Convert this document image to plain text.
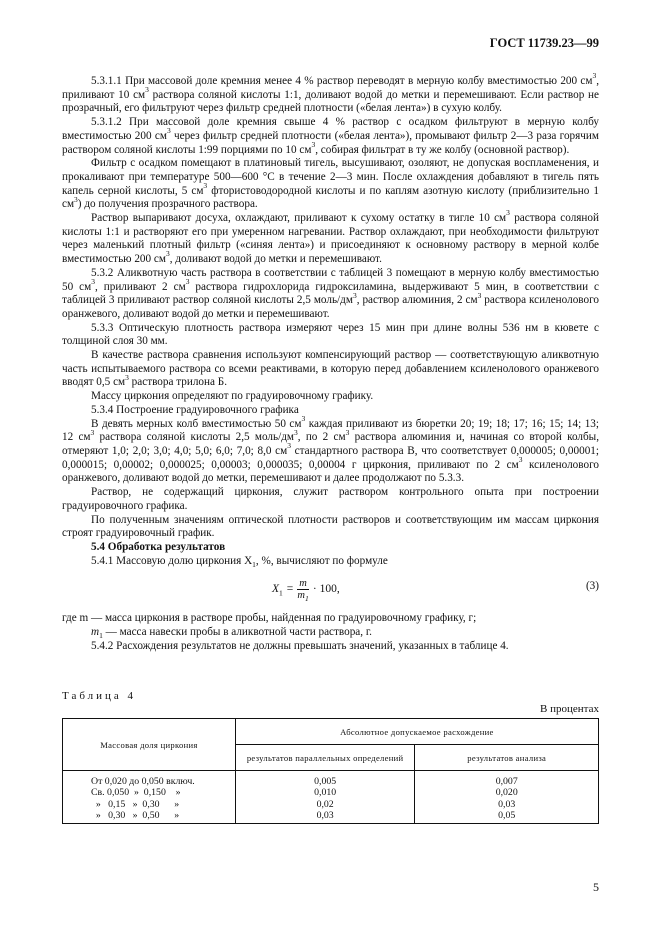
ГОСТ 11739.23—99

5.3.1.1 При массовой доле кремния менее 4 % раствор переводят в мерную колбу вместимостью 200 $см^3$, приливают 10 $см^3$ раствора соляной кислоты 1:1, доливают водой до метки и перемешивают. Если раствор не прозрачный, его фильтруют через фильтр средней плотности («белая лента») в сухую колбу.

5.3.1.2 При массовой доле кремния свыше 4 % раствор с осадком фильтруют в мерную колбу вместимостью 200 $см^3$ через фильтр средней плотности («белая лента»), промывают фильтр 2—3 раза горячим раствором соляной кислоты 1:99 порциями по 10 $см^3$, собирая фильтрат в ту же колбу (основной раствор).

Фильтр с осадком помещают в платиновый тигель, высушивают, озоляют, не допуская воспламенения, и прокаливают при температуре 500—600 °С в течение 2—3 мин. После охлаждения добавляют в тигель пять капель серной кислоты, 5 $см^3$ фтористоводородной кислоты и по каплям азотную кислоту (приблизительно 1 $см^3$) до получения прозрачного раствора.

Раствор выпаривают досуха, охлаждают, приливают к сухому остатку в тигле 10 $см^3$ раствора соляной кислоты 1:1 и растворяют его при умеренном нагревании. Раствор охлаждают, при необходимости фильтруют через маленький плотный фильтр («синяя лента») и присоединяют к основному раствору в мерной колбе вместимостью 200 $см^3$, доливают водой до метки и перемешивают.

5.3.2 Аликвотную часть раствора в соответствии с таблицей 3 помещают в мерную колбу вместимостью 50 $см^3$, приливают 2 $см^3$ раствора гидрохлорида гидроксиламина, выдерживают 5 мин, в соответствии с таблицей 3 приливают раствор соляной кислоты 2,5 моль/$дм^3$, раствор алюминия, 2 $см^3$ раствора ксиленолового оранжевого, доливают водой до метки и перемешивают.

5.3.3 Оптическую плотность раствора измеряют через 15 мин при длине волны 536 нм в кювете с толщиной слоя 30 мм.

В качестве раствора сравнения используют компенсирующий раствор — соответствующую аликвотную часть испытываемого раствора со всеми реактивами, в которую перед добавлением ксиленолового оранжевого вводят 0,5 $см^3$ раствора трилона Б.

Массу циркония определяют по градуировочному графику.

5.3.4 Построение градуировочного графика

В девять мерных колб вместимостью 50 $см^3$ каждая приливают из бюретки 20; 19; 18; 17; 16; 15; 14; 13; 12 $см^3$ раствора соляной кислоты 2,5 моль/$дм^3$, по 2 $см^3$ раствора алюминия и, начиная со второй колбы, отмеряют 1,0; 2,0; 3,0; 4,0; 5,0; 6,0; 7,0; 8,0 $см^3$ стандартного раствора В, что соответствует 0,000005; 0,00001; 0,000015; 0,00002; 0,000025; 0,00003; 0,000035; 0,00004 г циркония, приливают по 2 $см^3$ ксиленолового оранжевого, доливают водой до метки, перемешивают и далее продолжают по 5.3.3.

Раствор, не содержащий циркония, служит раствором контрольного опыта при построении градуировочного графика.

По полученным значениям оптической плотности растворов и соответствующим им массам циркония строят градуировочный график.

5.4 Обработка результатов

5.4.1 Массовую долю циркония $X_1$, %, вычисляют по формуле

$X_1 = \frac{m}{m_1} \cdot 100$,	(3)

где m — масса циркония в растворе пробы, найденная по градуировочному графику, г;

$m_1$ — масса навески пробы в аликвотной части раствора, г.

5.4.2 Расхождения результатов не должны превышать значений, указанных в таблице 4.

Таблица 4
В процентах
Массовая доля циркония	Абсолютное допускаемое расхождение	
	результатов параллельных определений	результатов анализа
От 0,020 до 0,050 включ.	0,005	0,007
Св. 0,050  »  0,150    »	0,010	0,020
»   0,15   »  0,30      »	0,02	0,03
»   0,30   »  0,50      »	0,03	0,05
5
